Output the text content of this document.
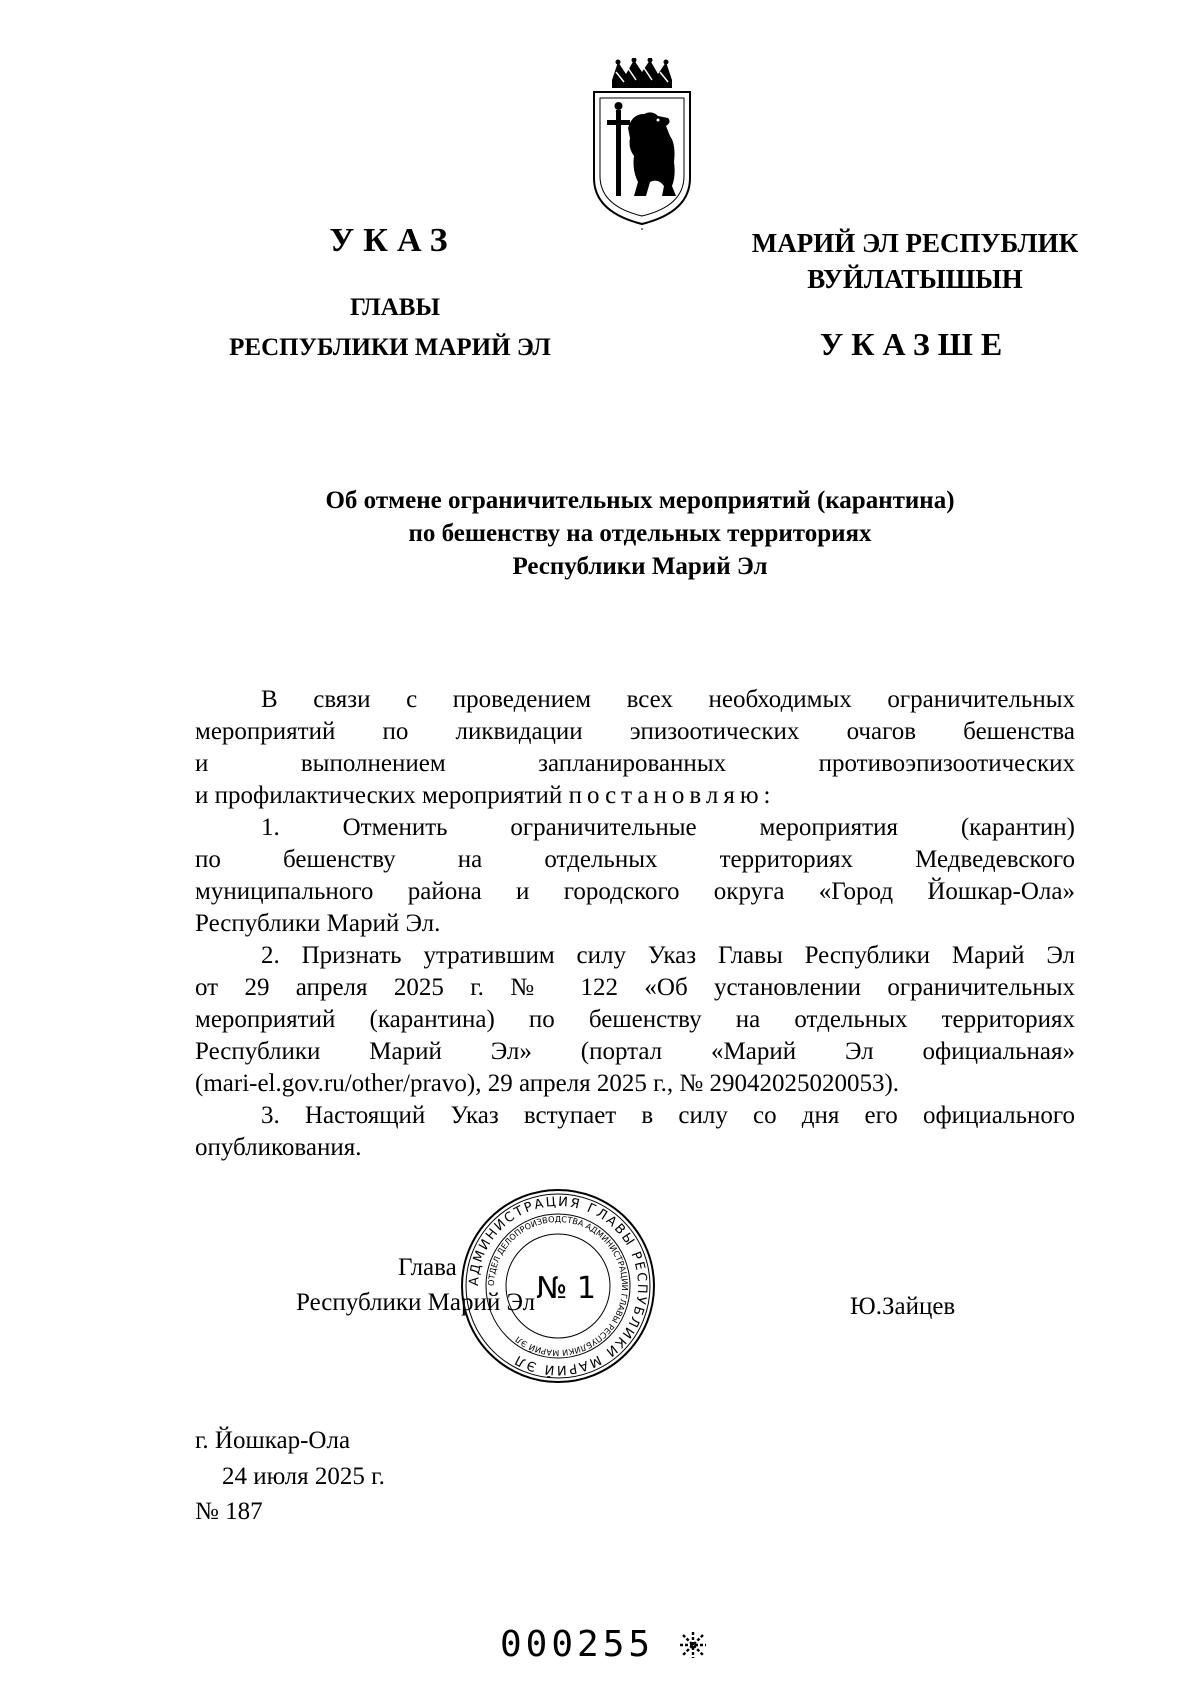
УКАЗ
ГЛАВЫ
РЕСПУБЛИКИ МАРИЙ ЭЛ
МАРИЙ ЭЛ РЕСПУБЛИК
ВУЙЛАТЫШЫН
УКАЗШЕ
Об отмене ограничительных мероприятий (карантина)
по бешенству на отдельных территориях
Республики Марий Эл
В связи с проведением всех необходимых ограничительных
мероприятий по ликвидации эпизоотических очагов бешенства
и выполнением запланированных противоэпизоотических
и профилактических мероприятий постановляю:
1. Отменить ограничительные мероприятия (карантин)
по бешенству на отдельных территориях Медведевского
муниципального района и городского округа «Город Йошкар-Ола»
Республики Марий Эл.
2. Признать утратившим силу Указ Главы Республики Марий Эл
от 29 апреля 2025 г. № 122 «Об установлении ограничительных
мероприятий (карантина) по бешенству на отдельных территориях
Республики Марий Эл» (портал «Марий Эл официальная»
(mari-el.gov.ru/other/pravo), 29 апреля 2025 г., № 29042025020053).
3. Настоящий Указ вступает в силу со дня его официального
опубликования.
Глава
Республики Марий Эл	Ю.Зайцев
АДМИНИСТРАЦИЯ ГЛАВЫ РЕСПУБЛИКИ МАРИЙ ЭЛ
ОТДЕЛ ДЕЛОПРОИЗВОДСТВА АДМИНИСТРАЦИИ ГЛАВЫ РЕСПУБЛИКИ МАРИЙ ЭЛ
№ 1
г. Йошкар-Ола
24 июля 2025 г.
№ 187
000255
